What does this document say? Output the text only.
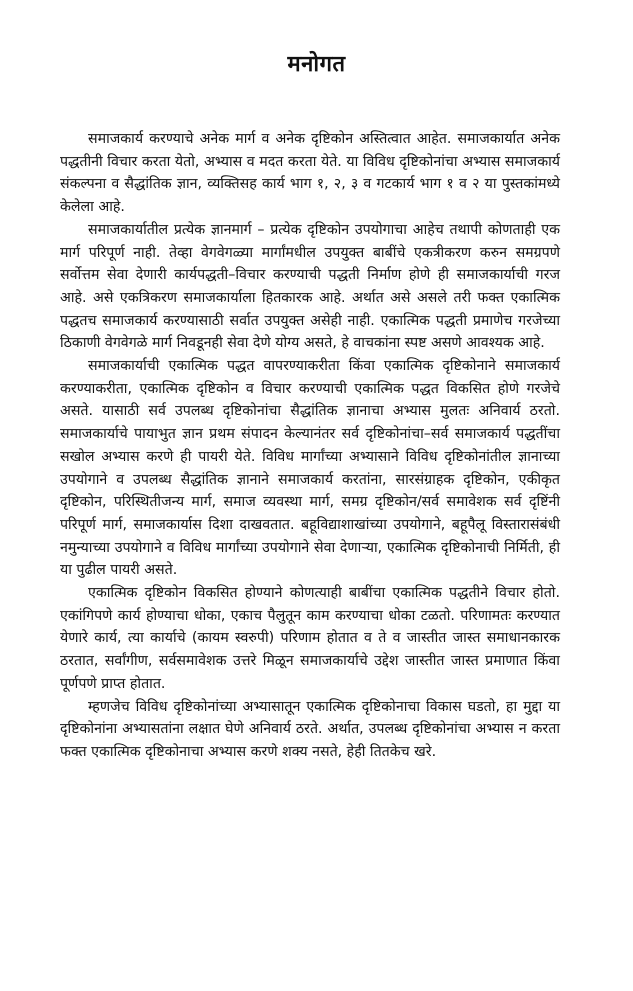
मनोगत

समाजकार्य करण्याचे अनेक मार्ग व अनेक दृष्टिकोन अस्तित्वात आहेत. समाजकार्यात अनेक पद्धतीनी विचार करता येतो, अभ्यास व मदत करता येते. या विविध दृष्टिकोनांचा अभ्यास समाजकार्य संकल्पना व सैद्धांतिक ज्ञान, व्यक्तिसह कार्य भाग १, २, ३ व गटकार्य भाग १ व २ या पुस्तकांमध्ये केलेला आहे.

समाजकार्यातील प्रत्येक ज्ञानमार्ग – प्रत्येक दृष्टिकोन उपयोगाचा आहेच तथापी कोणताही एक मार्ग परिपूर्ण नाही. तेव्हा वेगवेगळ्या मार्गांमधील उपयुक्त बाबींचे एकत्रीकरण करुन समग्रपणे सर्वोत्तम सेवा देणारी कार्यपद्धती–विचार करण्याची पद्धती निर्माण होणे ही समाजकार्याची गरज आहे. असे एकत्रिकरण समाजकार्याला हितकारक आहे. अर्थात असे असले तरी फक्त एकात्मिक पद्धतच समाजकार्य करण्यासाठी सर्वात उपयुक्त असेही नाही. एकात्मिक पद्धती प्रमाणेच गरजेच्या ठिकाणी वेगवेगळे मार्ग निवडूनही सेवा देणे योग्य असते, हे वाचकांना स्पष्ट असणे आवश्यक आहे.

समाजकार्याची एकात्मिक पद्धत वापरण्याकरीता किंवा एकात्मिक दृष्टिकोनाने समाजकार्य करण्याकरीता, एकात्मिक दृष्टिकोन व विचार करण्याची एकात्मिक पद्धत विकसित होणे गरजेचे असते. यासाठी सर्व उपलब्ध दृष्टिकोनांचा सैद्धांतिक ज्ञानाचा अभ्यास मुलतः अनिवार्य ठरतो. समाजकार्याचे पायाभुत ज्ञान प्रथम संपादन केल्यानंतर सर्व दृष्टिकोनांचा–सर्व समाजकार्य पद्धतींचा सखोल अभ्यास करणे ही पायरी येते. विविध मार्गांच्या अभ्यासाने विविध दृष्टिकोनांतील ज्ञानाच्या उपयोगाने व उपलब्ध सैद्धांतिक ज्ञानाने समाजकार्य करतांना, सारसंग्राहक दृष्टिकोन, एकीकृत दृष्टिकोन, परिस्थितीजन्य मार्ग, समाज व्यवस्था मार्ग, समग्र दृष्टिकोन/सर्व समावेशक सर्व दृष्टिंनी परिपूर्ण मार्ग, समाजकार्यास दिशा दाखवतात. बहूविद्याशाखांच्या उपयोगाने, बहूपैलू विस्तारासंबंधी नमुन्याच्या उपयोगाने व विविध मार्गांच्या उपयोगाने सेवा देणाऱ्या, एकात्मिक दृष्टिकोनाची निर्मिती, ही या पुढील पायरी असते.

एकात्मिक दृष्टिकोन विकसित होण्याने कोणत्याही बाबींचा एकात्मिक पद्धतीने विचार होतो. एकांगिपणे कार्य होण्याचा धोका, एकाच पैलुतून काम करण्याचा धोका टळतो. परिणामतः करण्यात येणारे कार्य, त्या कार्याचे (कायम स्वरुपी) परिणाम होतात व ते व जास्तीत जास्त समाधानकारक ठरतात, सर्वांगीण, सर्वसमावेशक उत्तरे मिळून समाजकार्याचे उद्देश जास्तीत जास्त प्रमाणात किंवा पूर्णपणे प्राप्त होतात.

म्हणजेच विविध दृष्टिकोनांच्या अभ्यासातून एकात्मिक दृष्टिकोनाचा विकास घडतो, हा मुद्दा या दृष्टिकोनांना अभ्यासतांना लक्षात घेणे अनिवार्य ठरते. अर्थात, उपलब्ध दृष्टिकोनांचा अभ्यास न करता फक्त एकात्मिक दृष्टिकोनाचा अभ्यास करणे शक्य नसते, हेही तितकेच खरे.
